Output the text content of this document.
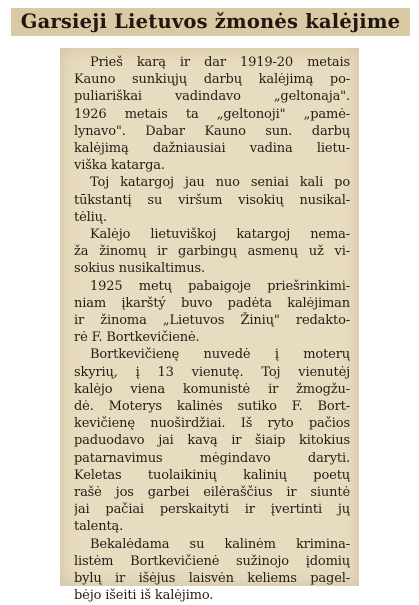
Garsieji Lietuvos žmonės kalėjime

Prieš karą ir dar 1919-20 metais
Kauno sunkiųjų darbų kalėjimą po-
puliariškai vadindavo „geltonaja".
1926 metais ta „geltonoji" „pamė-
lynavo". Dabar Kauno sun. darbų
kalėjimą dažniausiai vadina lietu-
viška katarga.

Toj katargoj jau nuo seniai kali po
tūkstantį su viršum visokių nusikal-
tėlių.

Kalėjo lietuviškoj katargoj nema-
ža žinomų ir garbingų asmenų už vi-
sokius nusikaltimus.

1925 metų pabaigoje priešrinkimi-
niam įkarštý buvo padėta kalėjiman
ir žinoma „Lietuvos Žinių" redakto-
rė F. Bortkevičienė.

Bortkevičienę nuvedė į moterų
skyrių, į 13 vienutę. Toj vienutėj
kalėjo viena komunistė ir žmogžu-
dė. Moterys kalinės sutiko F. Bort-
kevičienę nuoširdžiai. Iš ryto pačios
paduodavo jai kavą ir šiaip kitokius
patarnavimus mėgindavo daryti.
Keletas tuolaikinių kalinių poetų
rašė jos garbei eilėraščius ir siuntė
jai pačiai perskaityti ir įvertinti jų
talentą.

Bekalėdama su kalinėm krimina-
listėm Bortkevičienė sužinojo įdomių
bylų ir išėjus laisvėn keliems pagel-
bėjo išeiti iš kalėjimo.
